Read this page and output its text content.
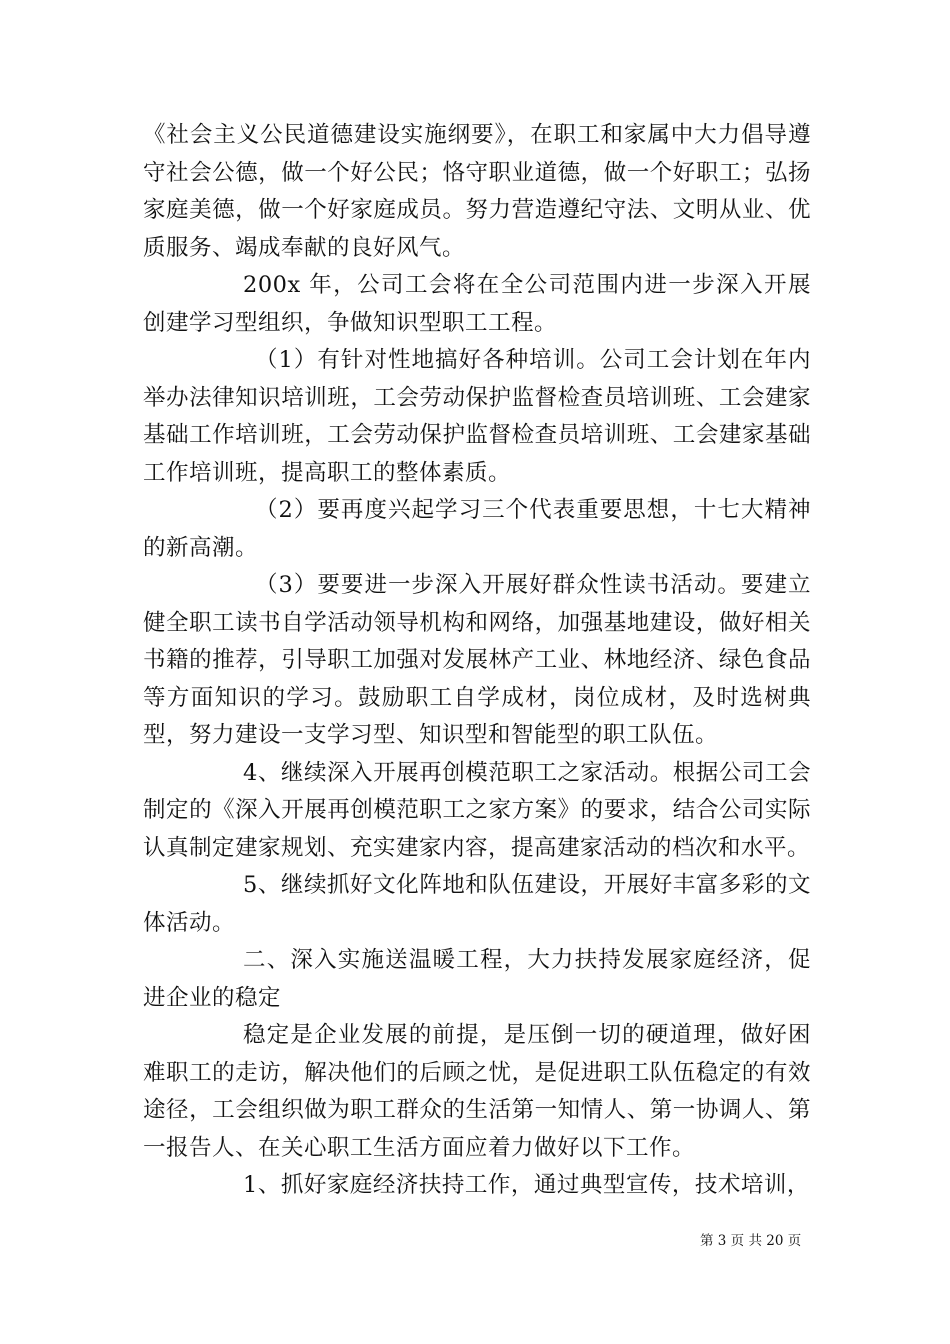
《社会主义公民道德建设实施纲要》，在职工和家属中大力倡导遵守社会公德，做一个好公民；恪守职业道德，做一个好职工；弘扬家庭美德，做一个好家庭成员。努力营造遵纪守法、文明从业、优质服务、竭成奉献的良好风气。

200x 年，公司工会将在全公司范围内进一步深入开展创建学习型组织，争做知识型职工工程。

（1）有针对性地搞好各种培训。公司工会计划在年内举办法律知识培训班，工会劳动保护监督检查员培训班、工会建家基础工作培训班，工会劳动保护监督检查员培训班、工会建家基础工作培训班，提高职工的整体素质。

（2）要再度兴起学习三个代表重要思想，十七大精神的新高潮。

（3）要要进一步深入开展好群众性读书活动。要建立健全职工读书自学活动领导机构和网络，加强基地建设，做好相关书籍的推荐，引导职工加强对发展林产工业、林地经济、绿色食品等方面知识的学习。鼓励职工自学成材，岗位成材，及时选树典型，努力建设一支学习型、知识型和智能型的职工队伍。

4、继续深入开展再创模范职工之家活动。根据公司工会制定的《深入开展再创模范职工之家方案》的要求，结合公司实际认真制定建家规划、充实建家内容，提高建家活动的档次和水平。

5、继续抓好文化阵地和队伍建设，开展好丰富多彩的文体活动。

二、深入实施送温暖工程，大力扶持发展家庭经济，促进企业的稳定

稳定是企业发展的前提，是压倒一切的硬道理，做好困难职工的走访，解决他们的后顾之忧，是促进职工队伍稳定的有效途径，工会组织做为职工群众的生活第一知情人、第一协调人、第一报告人、在关心职工生活方面应着力做好以下工作。

1、抓好家庭经济扶持工作，通过典型宣传，技术培训，

第 3 页 共 20 页
